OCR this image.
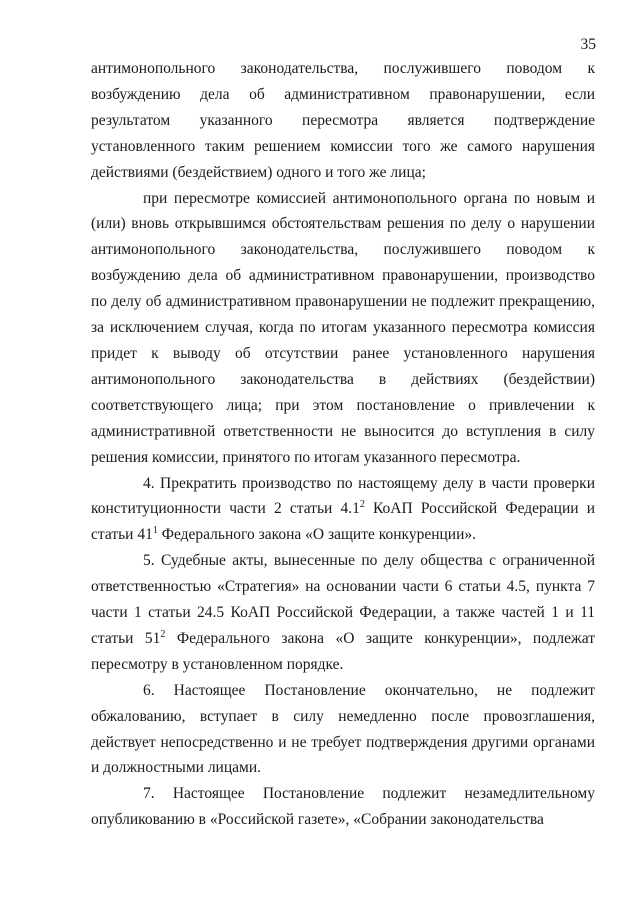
35

антимонопольного законодательства, послужившего поводом к возбуждению дела об административном правонарушении, если результатом указанного пересмотра является подтверждение установленного таким решением комиссии того же самого нарушения действиями (бездействием) одного и того же лица;

при пересмотре комиссией антимонопольного органа по новым и (или) вновь открывшимся обстоятельствам решения по делу о нарушении антимонопольного законодательства, послужившего поводом к возбуждению дела об административном правонарушении, производство по делу об административном правонарушении не подлежит прекращению, за исключением случая, когда по итогам указанного пересмотра комиссия придет к выводу об отсутствии ранее установленного нарушения антимонопольного законодательства в действиях (бездействии) соответствующего лица; при этом постановление о привлечении к административной ответственности не выносится до вступления в силу решения комиссии, принятого по итогам указанного пересмотра.

4. Прекратить производство по настоящему делу в части проверки конституционности части 2 статьи $4.1^2$ КоАП Российской Федерации и статьи $41^1$ Федерального закона «О защите конкуренции».

5. Судебные акты, вынесенные по делу общества с ограниченной ответственностью «Стратегия» на основании части 6 статьи 4.5, пункта 7 части 1 статьи 24.5 КоАП Российской Федерации, а также частей 1 и 11 статьи $51^2$ Федерального закона «О защите конкуренции», подлежат пересмотру в установленном порядке.

6. Настоящее Постановление окончательно, не подлежит обжалованию, вступает в силу немедленно после провозглашения, действует непосредственно и не требует подтверждения другими органами и должностными лицами.

7. Настоящее Постановление подлежит незамедлительному опубликованию в «Российской газете», «Собрании законодательства
